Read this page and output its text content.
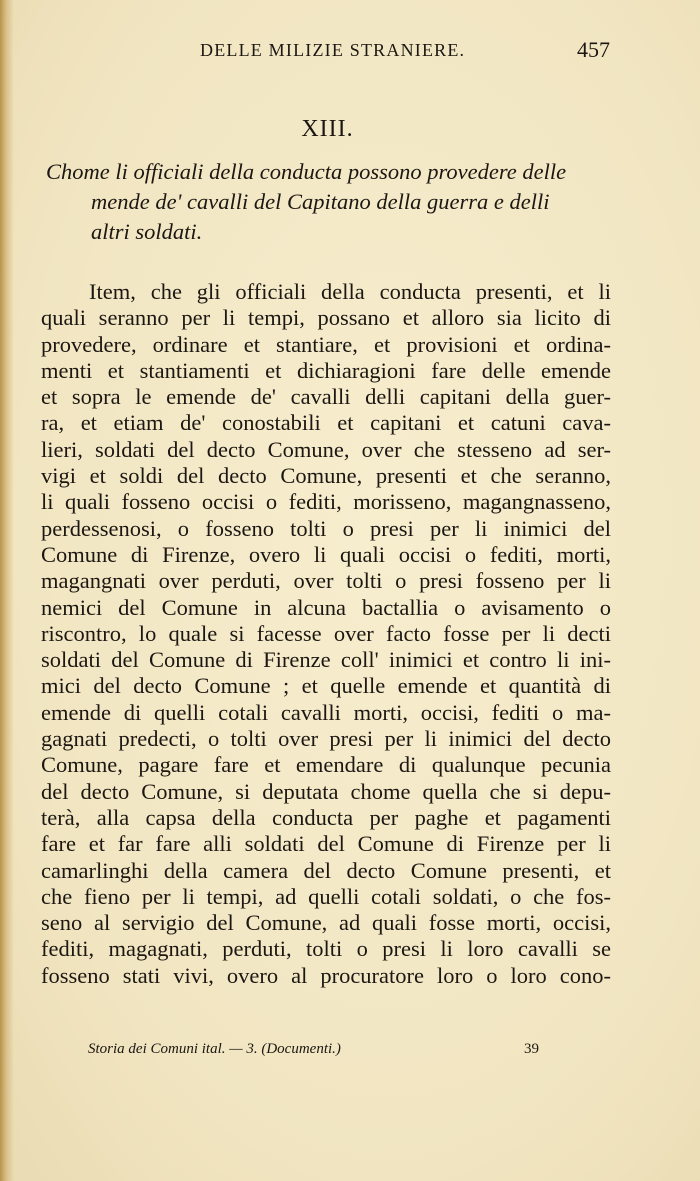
DELLE MILIZIE STRANIERE.	457
XIII.

Chome li officiali della conducta possono provedere delle
mende de' cavalli del Capitano della guerra e delli
altri soldati.

Item, che gli officiali della conducta presenti, et li
quali seranno per li tempi, possano et alloro sia licito di
provedere, ordinare et stantiare, et provisioni et ordina-
menti et stantiamenti et dichiaragioni fare delle emende
et sopra le emende de' cavalli delli capitani della guer-
ra, et etiam de' conostabili et capitani et catuni cava-
lieri, soldati del decto Comune, over che stesseno ad ser-
vigi et soldi del decto Comune, presenti et che seranno,
li quali fosseno occisi o fediti, morisseno, magangnasseno,
perdessenosi, o fosseno tolti o presi per li inimici del
Comune di Firenze, overo li quali occisi o fediti, morti,
magangnati over perduti, over tolti o presi fosseno per li
nemici del Comune in alcuna bactallia o avisamento o
riscontro, lo quale si facesse over facto fosse per li decti
soldati del Comune di Firenze coll' inimici et contro li ini-
mici del decto Comune ; et quelle emende et quantità di
emende di quelli cotali cavalli morti, occisi, fediti o ma-
gagnati predecti, o tolti over presi per li inimici del decto
Comune, pagare fare et emendare di qualunque pecunia
del decto Comune, si deputata chome quella che si depu-
terà, alla capsa della conducta per paghe et pagamenti
fare et far fare alli soldati del Comune di Firenze per li
camarlinghi della camera del decto Comune presenti, et
che fieno per li tempi, ad quelli cotali soldati, o che fos-
seno al servigio del Comune, ad quali fosse morti, occisi,
fediti, magagnati, perduti, tolti o presi li loro cavalli se
fosseno stati vivi, overo al procuratore loro o loro cono-
Storia dei Comuni ital. — 3. (Documenti.)	39
